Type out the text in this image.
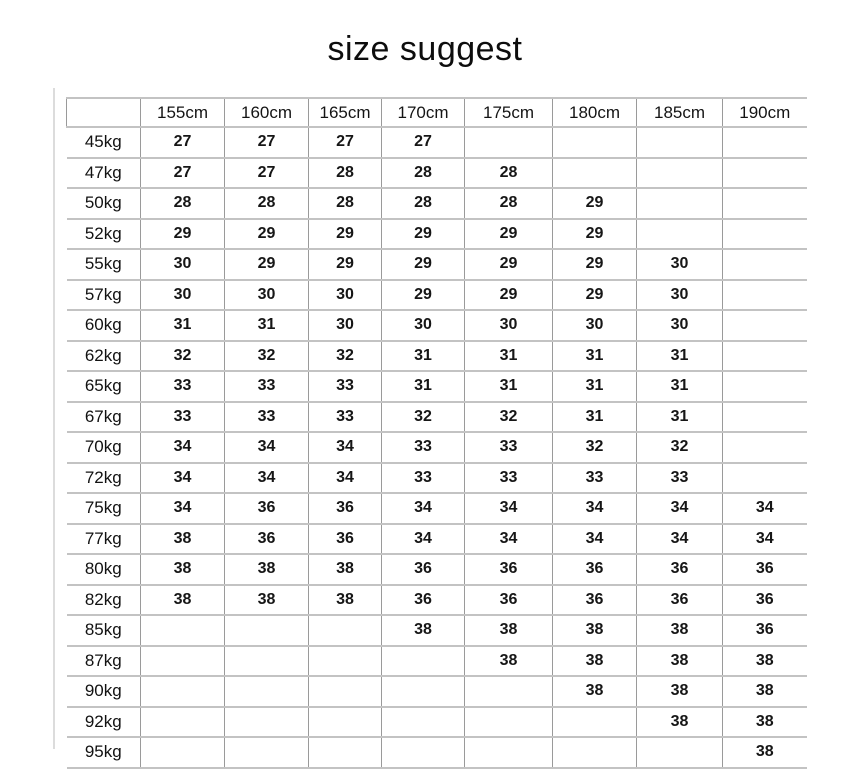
size suggest
	155cm	160cm	165cm	170cm	175cm	180cm	185cm	190cm
45kg	27	27	27	27				
47kg	27	27	28	28	28			
50kg	28	28	28	28	28	29		
52kg	29	29	29	29	29	29		
55kg	30	29	29	29	29	29	30	
57kg	30	30	30	29	29	29	30	
60kg	31	31	30	30	30	30	30	
62kg	32	32	32	31	31	31	31	
65kg	33	33	33	31	31	31	31	
67kg	33	33	33	32	32	31	31	
70kg	34	34	34	33	33	32	32	
72kg	34	34	34	33	33	33	33	
75kg	34	36	36	34	34	34	34	34
77kg	38	36	36	34	34	34	34	34
80kg	38	38	38	36	36	36	36	36
82kg	38	38	38	36	36	36	36	36
85kg				38	38	38	38	36
87kg					38	38	38	38
90kg						38	38	38
92kg							38	38
95kg								38
